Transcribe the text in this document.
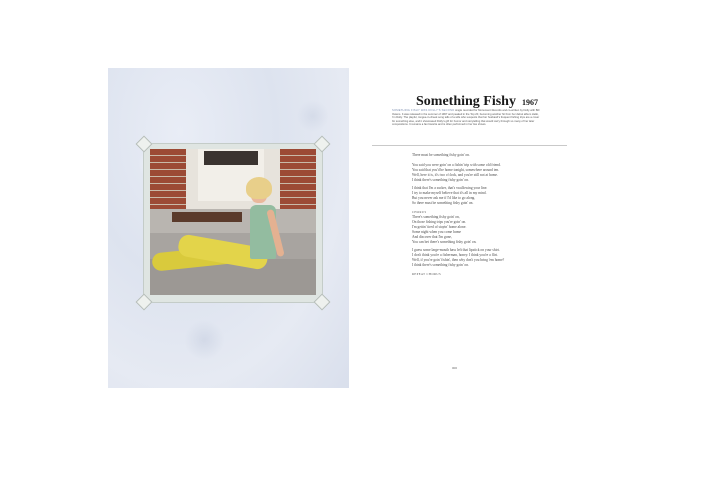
Something Fishy 1967
SOMETHING FISHY WAS DOLLY'S SECOND single recorded for Monument Records and co-written by Dolly with Bill Owens. It was released in the summer of 1967 and peaked in the Top 20, becoming another hit from her debut album Hello, I'm Dolly. The playful, tongue-in-cheek song tells of a wife who suspects that her husband's frequent fishing trips are a cover for something else, and it showcased Dolly's gift for humor and storytelling that would carry through so many of her later compositions. It remains a fan favorite and is often performed in her live shows.
There must be something fishy goin' on.

You said you were goin' on a fishin' trip with some old friend.
You said that you'd be home tonight, somewhere around ten.
Well, here it is, it's two o'clock, and you're still not at home.
I think there's something fishy goin' on.
I think that I'm a sucker, that's swallowing your line.
I try to make myself believe that it's all in my mind.
But you never ask me if I'd like to go along.
So there must be something fishy goin' on.
CHORUS
There's something fishy goin' on,
On those fishing trips you're goin' on.
I'm gettin' tired of stayin' home alone.
Some night when you come home
And discover that I'm gone,
You can bet there's something fishy goin' on.
I guess some large-mouth bass left that lipstick on your shirt.
I don't think you're a fisherman, honey. I think you're a flirt.
Well, if you're goin' fishin', then why don't you bring 'em home?
I think there's something fishy goin' on.
REPEAT CHORUS
000
